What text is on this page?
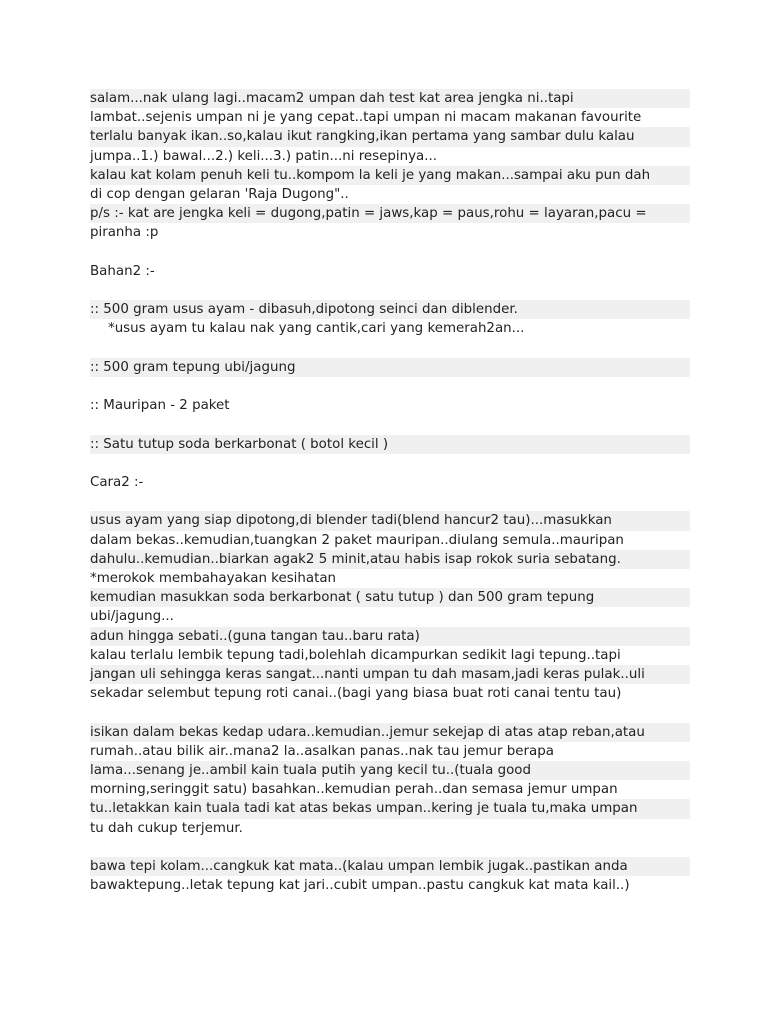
salam...nak ulang lagi..macam2 umpan dah test kat area jengka ni..tapi
lambat..sejenis umpan ni je yang cepat..tapi umpan ni macam makanan favourite
terlalu banyak ikan..so,kalau ikut rangking,ikan pertama yang sambar dulu kalau
jumpa..1.) bawal...2.) keli...3.) patin...ni resepinya...
kalau kat kolam penuh keli tu..kompom la keli je yang makan...sampai aku pun dah
di cop dengan gelaran 'Raja Dugong"..
p/s :- kat are jengka keli = dugong,patin = jaws,kap = paus,rohu = layaran,pacu =
piranha :p
Bahan2 :-
:: 500 gram usus ayam - dibasuh,dipotong seinci dan diblender.
*usus ayam tu kalau nak yang cantik,cari yang kemerah2an...
:: 500 gram tepung ubi/jagung
:: Mauripan - 2 paket
:: Satu tutup soda berkarbonat ( botol kecil )
Cara2 :-
usus ayam yang siap dipotong,di blender tadi(blend hancur2 tau)...masukkan
dalam bekas..kemudian,tuangkan 2 paket mauripan..diulang semula..mauripan
dahulu..kemudian..biarkan agak2 5 minit,atau habis isap rokok suria sebatang.
*merokok membahayakan kesihatan
kemudian masukkan soda berkarbonat ( satu tutup ) dan 500 gram tepung
ubi/jagung...
adun hingga sebati..(guna tangan tau..baru rata)
kalau terlalu lembik tepung tadi,bolehlah dicampurkan sedikit lagi tepung..tapi
jangan uli sehingga keras sangat...nanti umpan tu dah masam,jadi keras pulak..uli
sekadar selembut tepung roti canai..(bagi yang biasa buat roti canai tentu tau)
isikan dalam bekas kedap udara..kemudian..jemur sekejap di atas atap reban,atau
rumah..atau bilik air..mana2 la..asalkan panas..nak tau jemur berapa
lama...senang je..ambil kain tuala putih yang kecil tu..(tuala good
morning,seringgit satu) basahkan..kemudian perah..dan semasa jemur umpan
tu..letakkan kain tuala tadi kat atas bekas umpan..kering je tuala tu,maka umpan
tu dah cukup terjemur.
bawa tepi kolam...cangkuk kat mata..(kalau umpan lembik jugak..pastikan anda
bawaktepung..letak tepung kat jari..cubit umpan..pastu cangkuk kat mata kail..)
